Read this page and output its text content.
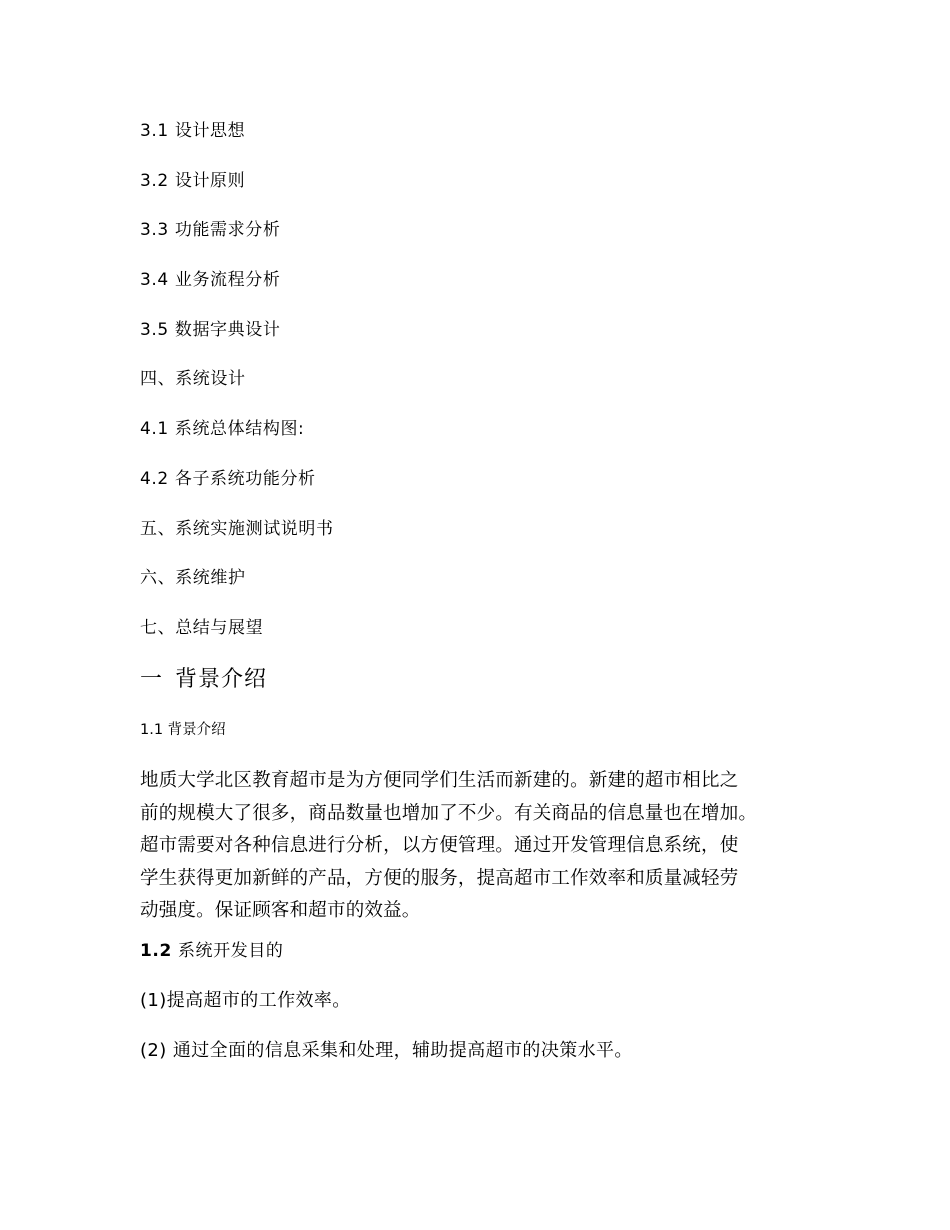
3.1 设计思想
3.2 设计原则
3.3 功能需求分析
3.4 业务流程分析
3.5 数据字典设计
四、系统设计
4.1 系统总体结构图:
4.2 各子系统功能分析
五、系统实施测试说明书
六、系统维护
七、总结与展望
一 背景介绍
1.1 背景介绍
地质大学北区教育超市是为方便同学们生活而新建的。新建的超市相比之
前的规模大了很多，商品数量也增加了不少。有关商品的信息量也在增加。
超市需要对各种信息进行分析，以方便管理。通过开发管理信息系统，使
学生获得更加新鲜的产品，方便的服务，提高超市工作效率和质量减轻劳
动强度。保证顾客和超市的效益。
1.2 系统开发目的
(1)提高超市的工作效率。
(2) 通过全面的信息采集和处理，辅助提高超市的决策水平。
